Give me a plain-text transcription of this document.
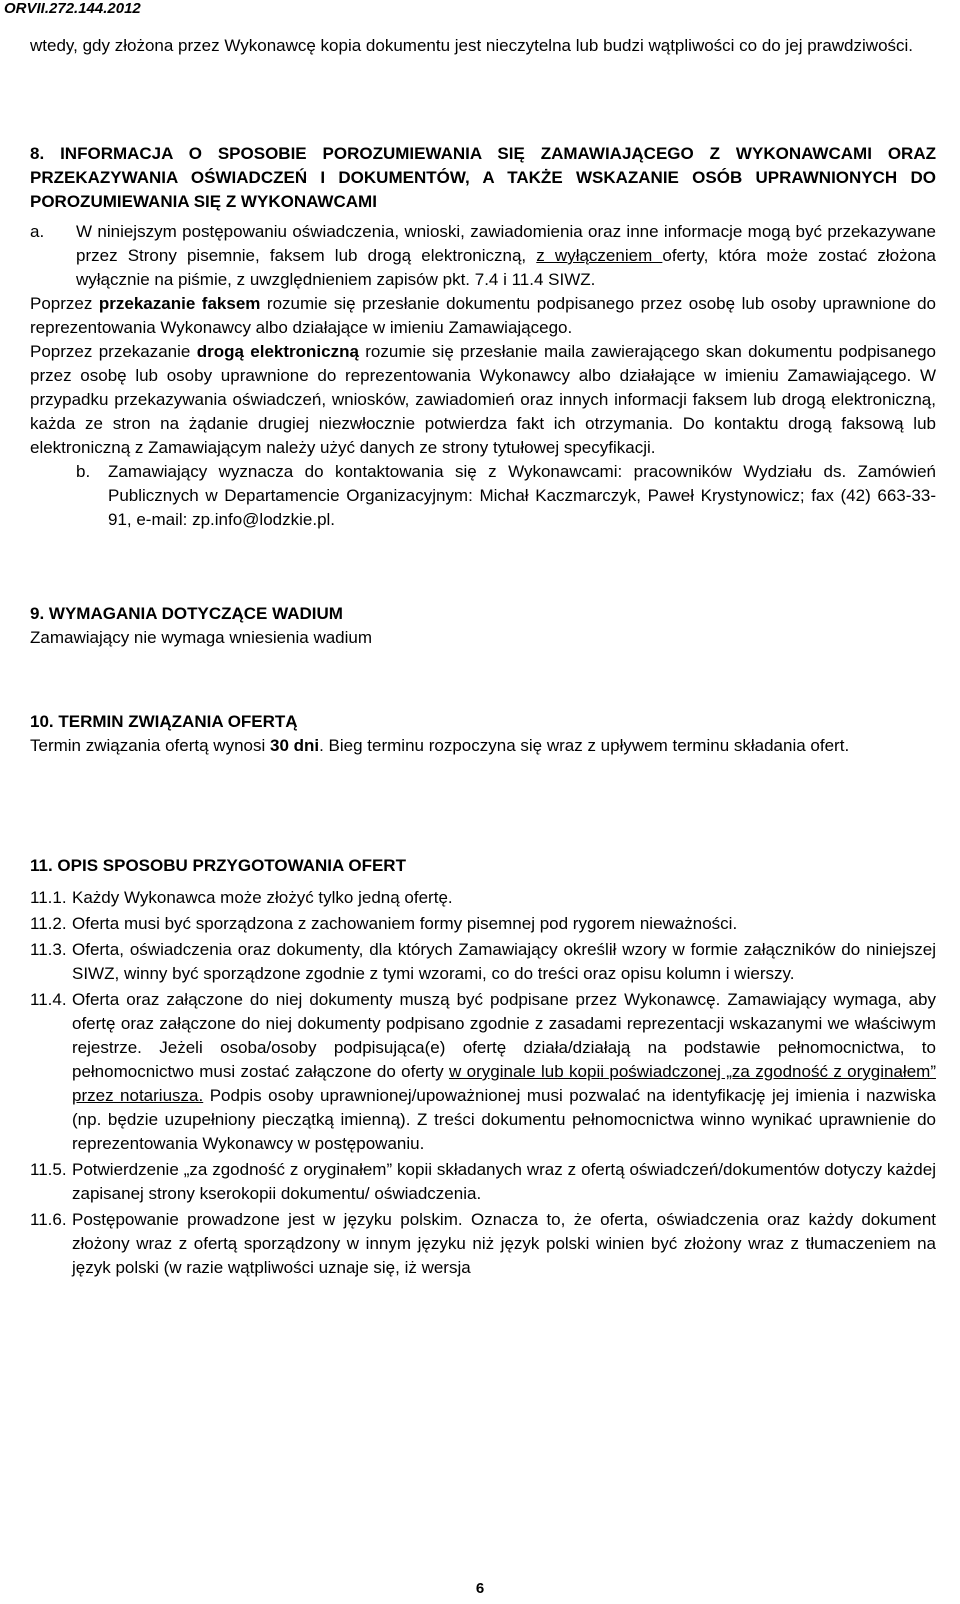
ORVII.272.144.2012

wtedy, gdy złożona przez Wykonawcę kopia dokumentu jest nieczytelna lub budzi wątpliwości co do jej prawdziwości.

8. INFORMACJA O SPOSOBIE POROZUMIEWANIA SIĘ ZAMAWIAJĄCEGO Z WYKONAWCAMI ORAZ PRZEKAZYWANIA OŚWIADCZEŃ I DOKUMENTÓW, A TAKŻE WSKAZANIE OSÓB UPRAWNIONYCH DO POROZUMIEWANIA SIĘ Z WYKONAWCAMI

a.	W niniejszym postępowaniu oświadczenia, wnioski, zawiadomienia oraz inne informacje mogą być przekazywane przez Strony pisemnie, faksem lub drogą elektroniczną, z wyłączeniem oferty, która może zostać złożona wyłącznie na piśmie, z uwzględnieniem zapisów pkt. 7.4 i 11.4 SIWZ.

Poprzez przekazanie faksem rozumie się przesłanie dokumentu podpisanego przez osobę lub osoby uprawnione do reprezentowania Wykonawcy albo działające w imieniu Zamawiającego.

Poprzez przekazanie drogą elektroniczną rozumie się przesłanie maila zawierającego skan dokumentu podpisanego przez osobę lub osoby uprawnione do reprezentowania Wykonawcy albo działające w imieniu Zamawiającego. W przypadku przekazywania oświadczeń, wniosków, zawiadomień oraz innych informacji faksem lub drogą elektroniczną, każda ze stron na żądanie drugiej niezwłocznie potwierdza fakt ich otrzymania. Do kontaktu drogą faksową lub elektroniczną z Zamawiającym należy użyć danych ze strony tytułowej specyfikacji.

b.	Zamawiający wyznacza do kontaktowania się z Wykonawcami: pracowników Wydziału ds. Zamówień Publicznych w Departamencie Organizacyjnym: Michał Kaczmarczyk, Paweł Krystynowicz; fax (42) 663-33-91, e-mail: zp.info@lodzkie.pl.

9. WYMAGANIA DOTYCZĄCE WADIUM

Zamawiający nie wymaga wniesienia wadium

10. TERMIN ZWIĄZANIA OFERTĄ

Termin związania ofertą wynosi 30 dni. Bieg terminu rozpoczyna się wraz z upływem terminu składania ofert.

11. OPIS SPOSOBU PRZYGOTOWANIA OFERT

11.1. Każdy Wykonawca może złożyć tylko jedną ofertę.
11.2. Oferta musi być sporządzona z zachowaniem formy pisemnej pod rygorem nieważności.
11.3. Oferta, oświadczenia oraz dokumenty, dla których Zamawiający określił wzory w formie załączników do niniejszej SIWZ, winny być sporządzone zgodnie z tymi wzorami, co do treści oraz opisu kolumn i wierszy.
11.4. Oferta oraz załączone do niej dokumenty muszą być podpisane przez Wykonawcę. Zamawiający wymaga, aby ofertę oraz załączone do niej dokumenty podpisano zgodnie z zasadami reprezentacji wskazanymi we właściwym rejestrze. Jeżeli osoba/osoby podpisująca(e) ofertę działa/działają na podstawie pełnomocnictwa, to pełnomocnictwo musi zostać załączone do oferty w oryginale lub kopii poświadczonej „za zgodność z oryginałem” przez notariusza. Podpis osoby uprawnionej/upoważnionej musi pozwalać na identyfikację jej imienia i nazwiska (np. będzie uzupełniony pieczątką imienną). Z treści dokumentu pełnomocnictwa winno wynikać uprawnienie do reprezentowania Wykonawcy w postępowaniu.
11.5. Potwierdzenie „za zgodność z oryginałem” kopii składanych wraz z ofertą oświadczeń/dokumentów dotyczy każdej zapisanej strony kserokopii dokumentu/ oświadczenia.
11.6. Postępowanie prowadzone jest w języku polskim. Oznacza to, że oferta, oświadczenia oraz każdy dokument złożony wraz z ofertą sporządzony w innym języku niż język polski winien być złożony wraz z tłumaczeniem na język polski (w razie wątpliwości uznaje się, iż wersja
6
